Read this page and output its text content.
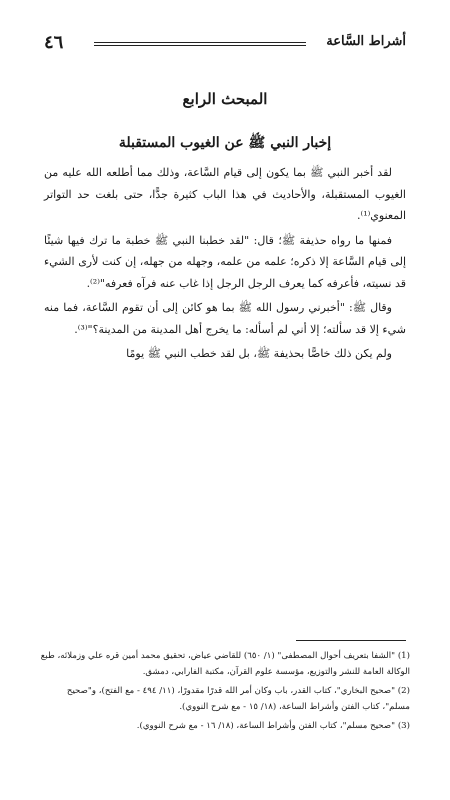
أشراط السَّاعة
٤٦
المبحث الرابع
إخبار النبي ﷺ عن الغيوب المستقبلة

لقد أخبر النبي ﷺ بما يكون إلى قيام السَّاعة، وذلك مما أطلعه الله عليه من الغيوب المستقبلة، والأحاديث في هذا الباب كثيرة جدًّا، حتى بلغت حد التواتر المعنوي⁽¹⁾.

فمنها ما رواه حذيفة ﷺ؛ قال: "لقد خطبنا النبي ﷺ خطبة ما ترك فيها شيئًا إلى قيام السَّاعة إلا ذكره؛ علمه من علمه، وجهله من جهله، إن كنت لأرى الشيء قد نسيته، فأعرفه كما يعرف الرجل الرجل إذا غاب عنه فرآه فعرفه"⁽²⁾.

وقال ﷺ: "أخبرني رسول الله ﷺ بما هو كائن إلى أن تقوم السَّاعة، فما منه شيء إلا قد سألته؛ إلا أني لم أسأله: ما يخرج أهل المدينة من المدينة؟"⁽³⁾.

ولم يكن ذلك خاصًّا بحذيفة ﷺ، بل لقد خطب النبي ﷺ يومًا

(1) "الشفا بتعريف أحوال المصطفى" (١/ ٦٥٠) للقاضي عياض، تحقيق محمد أمين قره علي وزملائه، طبع الوكالة العامة للنشر والتوزيع، مؤسسة علوم القرآن، مكتبة الفارابي، دمشق.

(2) "صحيح البخاري"، كتاب القدر، باب وكان أمر الله قدرًا مقدورًا، (١١/ ٤٩٤ - مع الفتح)، و"صحيح مسلم"، كتاب الفتن وأشراط الساعة، (١٨/ ١٥ - مع شرح النووي).

(3) "صحيح مسلم"، كتاب الفتن وأشراط الساعة، (١٨/ ١٦ - مع شرح النووي).
